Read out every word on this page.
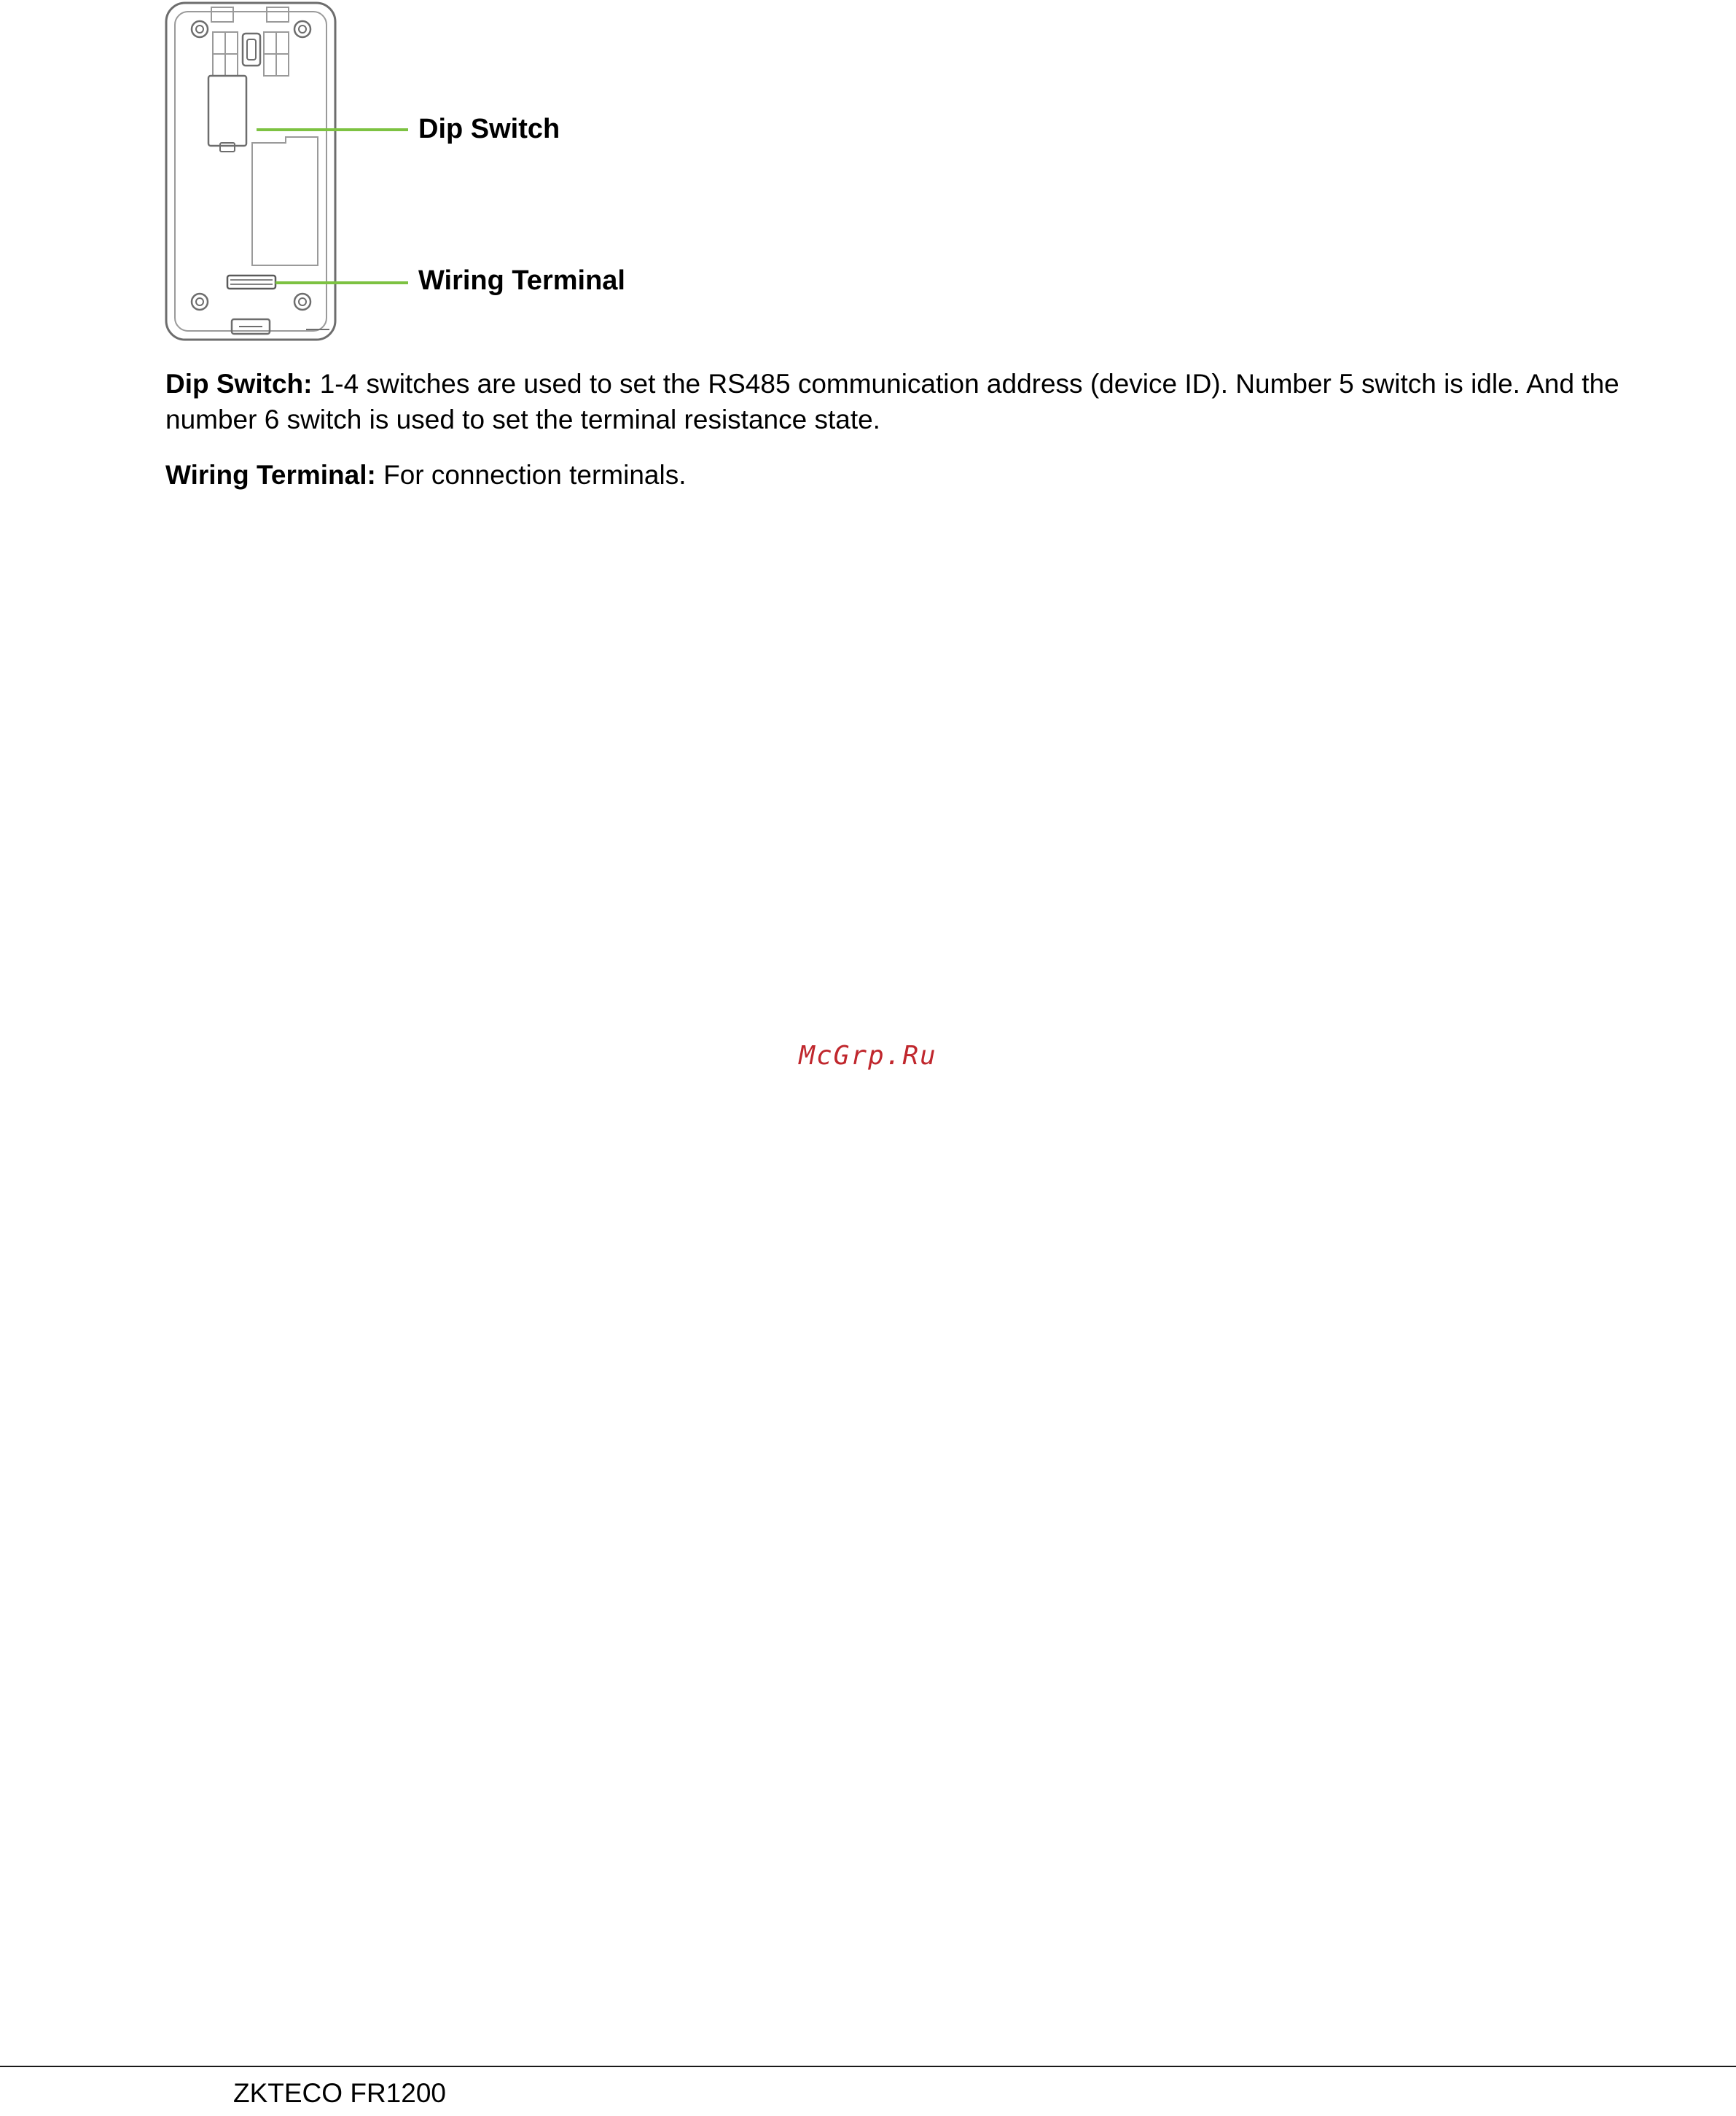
Dip Switch
Wiring Terminal

Dip Switch: 1-4 switches are used to set the RS485 communication address (device ID). Number 5 switch is idle. And the number 6 switch is used to set the terminal resistance state.

Wiring Terminal: For connection terminals.

McGrp.Ru
ZKTECO FR1200
